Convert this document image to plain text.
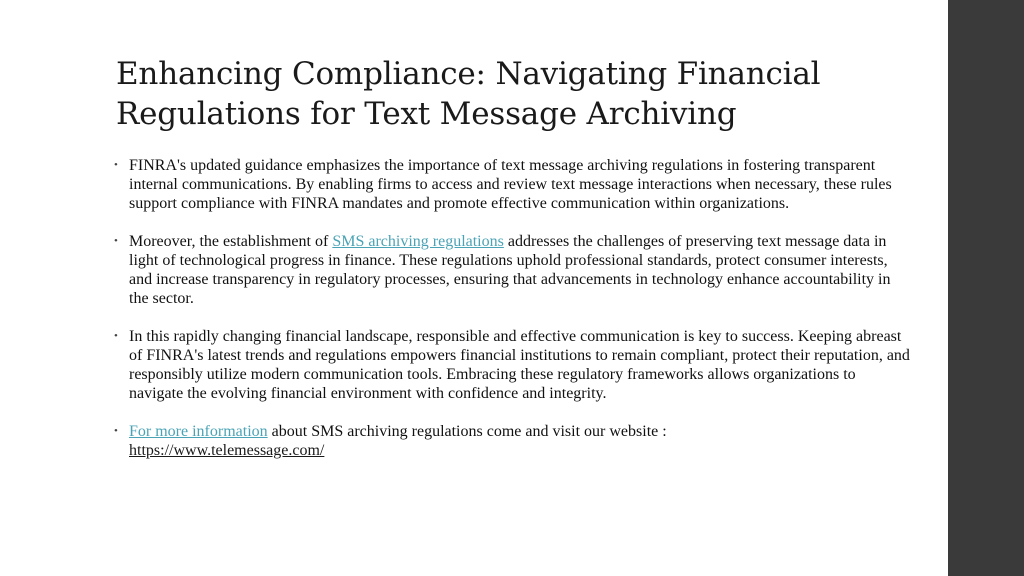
Enhancing Compliance: Navigating Financial Regulations for Text Message Archiving
• FINRA's updated guidance emphasizes the importance of text message archiving regulations in fostering transparent internal communications. By enabling firms to access and review text message interactions when necessary, these rules support compliance with FINRA mandates and promote effective communication within organizations.
• Moreover, the establishment of SMS archiving regulations addresses the challenges of preserving text message data in light of technological progress in finance. These regulations uphold professional standards, protect consumer interests, and increase transparency in regulatory processes, ensuring that advancements in technology enhance accountability in the sector.
• In this rapidly changing financial landscape, responsible and effective communication is key to success. Keeping abreast of FINRA's latest trends and regulations empowers financial institutions to remain compliant, protect their reputation, and responsibly utilize modern communication tools. Embracing these regulatory frameworks allows organizations to navigate the evolving financial environment with confidence and integrity.
• For more information about SMS archiving regulations come and visit our website :
https://www.telemessage.com/
